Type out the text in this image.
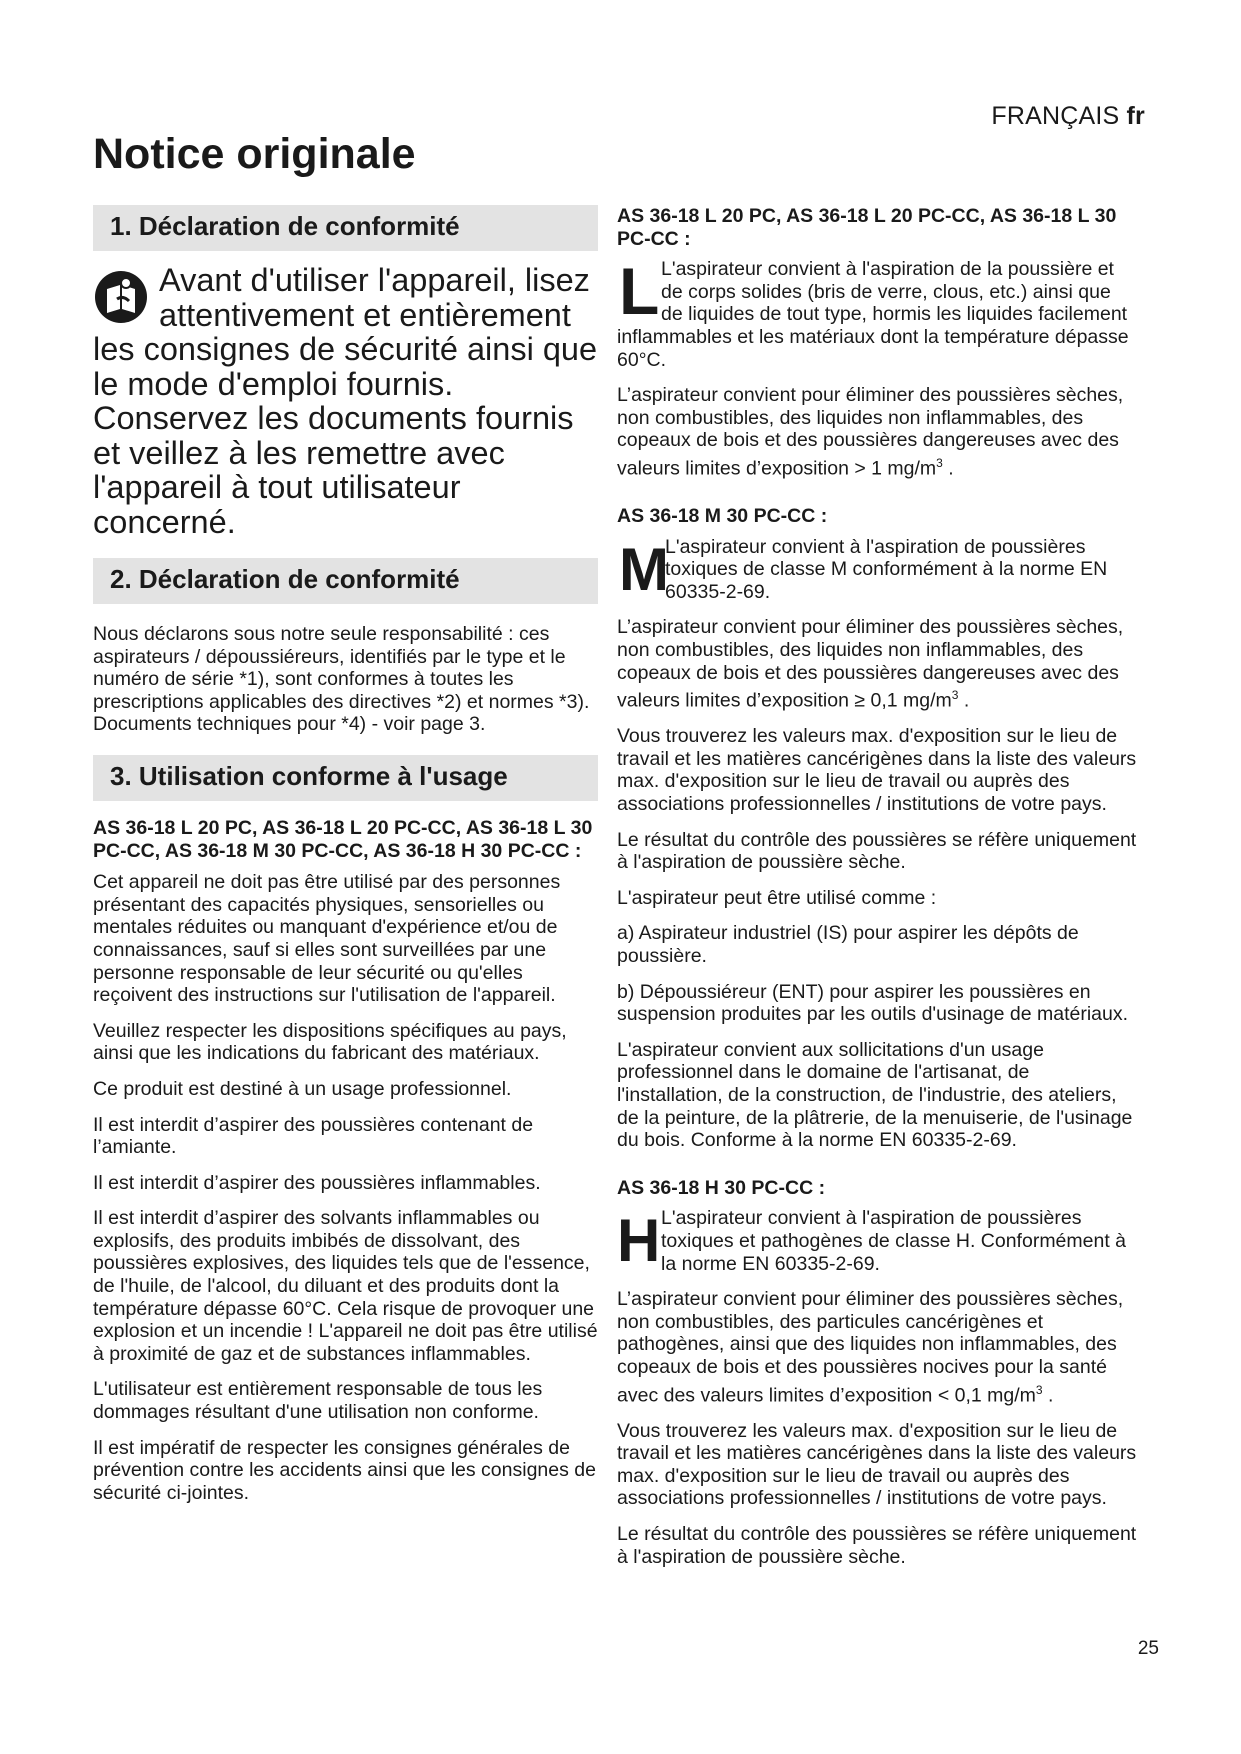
FRANÇAIS fr
Notice originale
1. Déclaration de conformité
Avant d'utiliser l'appareil, lisez attentivement et entièrement les consignes de sécurité ainsi que le mode d'emploi fournis. Conservez les documents fournis et veillez à les remettre avec l'appareil à tout utilisateur concerné.
2. Déclaration de conformité

Nous déclarons sous notre seule responsabilité : ces aspirateurs / dépoussiéreurs, identifiés par le type et le numéro de série *1), sont conformes à toutes les prescriptions applicables des directives *2) et normes *3). Documents techniques pour *4) - voir page 3.

3. Utilisation conforme à l'usage

AS 36-18 L 20 PC, AS 36-18 L 20 PC-CC, AS 36-18 L 30 PC-CC, AS 36-18 M 30 PC-CC, AS 36-18 H 30 PC-CC :

Cet appareil ne doit pas être utilisé par des personnes présentant des capacités physiques, sensorielles ou mentales réduites ou manquant d'expérience et/ou de connaissances, sauf si elles sont surveillées par une personne responsable de leur sécurité ou qu'elles reçoivent des instructions sur l'utilisation de l'appareil.

Veuillez respecter les dispositions spécifiques au pays, ainsi que les indications du fabricant des matériaux.

Ce produit est destiné à un usage professionnel.

Il est interdit d’aspirer des poussières contenant de l’amiante.

Il est interdit d’aspirer des poussières inflammables.

Il est interdit d’aspirer des solvants inflammables ou explosifs, des produits imbibés de dissolvant, des poussières explosives, des liquides tels que de l'essence, de l'huile, de l'alcool, du diluant et des produits dont la température dépasse 60°C. Cela risque de provoquer une explosion et un incendie ! L'appareil ne doit pas être utilisé à proximité de gaz et de substances inflammables.

L'utilisateur est entièrement responsable de tous les dommages résultant d'une utilisation non conforme.

Il est impératif de respecter les consignes générales de prévention contre les accidents ainsi que les consignes de sécurité ci-jointes.

AS 36-18 L 20 PC, AS 36-18 L 20 PC-CC, AS 36-18 L 30 PC-CC :

L L'aspirateur convient à l'aspiration de la poussière et de corps solides (bris de verre, clous, etc.) ainsi que de liquides de tout type, hormis les liquides facilement inflammables et les matériaux dont la température dépasse 60°C.

L’aspirateur convient pour éliminer des poussières sèches, non combustibles, des liquides non inflammables, des copeaux de bois et des poussières dangereuses avec des valeurs limites d’exposition > 1 $mg/m^3$ .

AS 36-18 M 30 PC-CC :

M

L'aspirateur convient à l'aspiration de poussières toxiques de classe M conformément à la norme EN 60335-2-69.

L’aspirateur convient pour éliminer des poussières sèches, non combustibles, des liquides non inflammables, des copeaux de bois et des poussières dangereuses avec des valeurs limites d’exposition ≥ 0,1 $mg/m^3$ .

Vous trouverez les valeurs max. d'exposition sur le lieu de travail et les matières cancérigènes dans la liste des valeurs max. d'exposition sur le lieu de travail ou auprès des associations professionnelles / institutions de votre pays.

Le résultat du contrôle des poussières se réfère uniquement à l'aspiration de poussière sèche.

L'aspirateur peut être utilisé comme :

a) Aspirateur industriel (IS) pour aspirer les dépôts de poussière.

b) Dépoussiéreur (ENT) pour aspirer les poussières en suspension produites par les outils d'usinage de matériaux.

L'aspirateur convient aux sollicitations d'un usage professionnel dans le domaine de l'artisanat, de l'installation, de la construction, de l'industrie, des ateliers, de la peinture, de la plâtrerie, de la menuiserie, de l'usinage du bois. Conforme à la norme EN 60335-2-69.

AS 36-18 H 30 PC-CC :

H L'aspirateur convient à l'aspiration de poussières toxiques et pathogènes de classe H. Conformément à la norme EN 60335-2-69.

L’aspirateur convient pour éliminer des poussières sèches, non combustibles, des particules cancérigènes et pathogènes, ainsi que des liquides non inflammables, des copeaux de bois et des poussières nocives pour la santé avec des valeurs limites d’exposition < 0,1 $mg/m^3$ .

Vous trouverez les valeurs max. d'exposition sur le lieu de travail et les matières cancérigènes dans la liste des valeurs max. d'exposition sur le lieu de travail ou auprès des associations professionnelles / institutions de votre pays.

Le résultat du contrôle des poussières se réfère uniquement à l'aspiration de poussière sèche.

25
